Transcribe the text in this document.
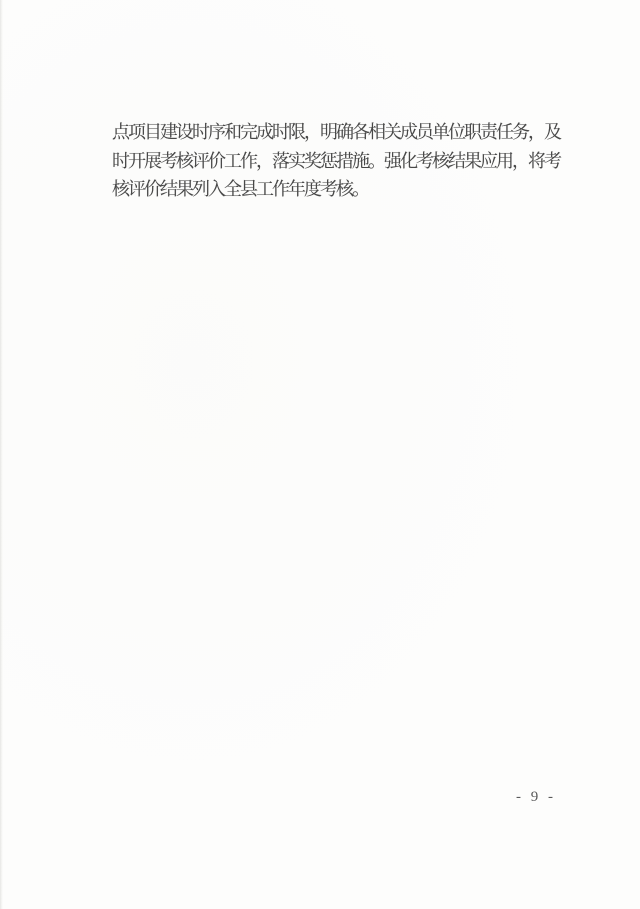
点项目建设时序和完成时限，明确各相关成员单位职责任务，及
时开展考核评价工作，落实奖惩措施。强化考核结果应用，将考
核评价结果列入全县工作年度考核。
- 9 -
